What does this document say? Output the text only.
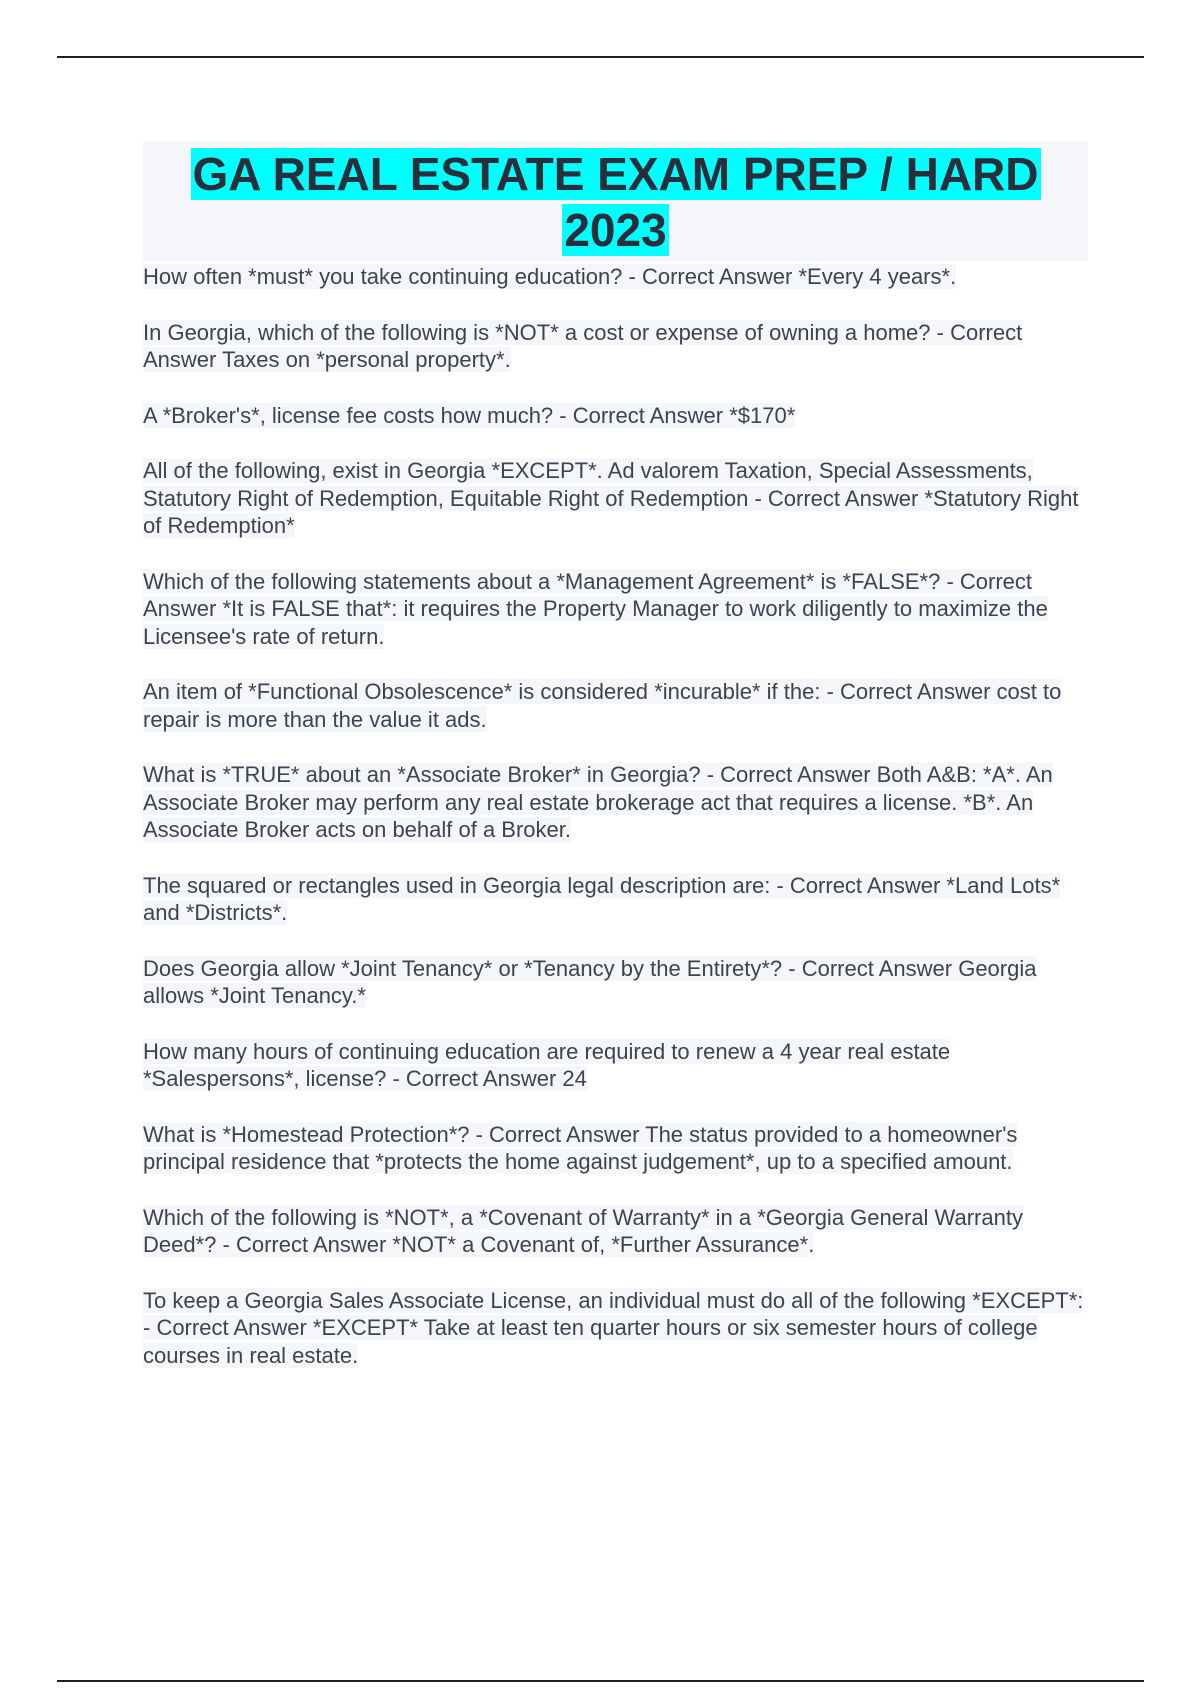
GA REAL ESTATE EXAM PREP / HARD 2023
How often *must* you take continuing education? - Correct Answer *Every 4 years*.
In Georgia, which of the following is *NOT* a cost or expense of owning a home? - Correct Answer Taxes on *personal property*.
A *Broker's*, license fee costs how much? - Correct Answer *$170*
All of the following, exist in Georgia *EXCEPT*. Ad valorem Taxation, Special Assessments, Statutory Right of Redemption, Equitable Right of Redemption - Correct Answer *Statutory Right of Redemption*
Which of the following statements about a *Management Agreement* is *FALSE*? - Correct Answer *It is FALSE that*: it requires the Property Manager to work diligently to maximize the Licensee's rate of return.
An item of *Functional Obsolescence* is considered *incurable* if the: - Correct Answer cost to repair is more than the value it ads.
What is *TRUE* about an *Associate Broker* in Georgia? - Correct Answer Both A&B: *A*. An Associate Broker may perform any real estate brokerage act that requires a license. *B*. An Associate Broker acts on behalf of a Broker.
The squared or rectangles used in Georgia legal description are: - Correct Answer *Land Lots* and *Districts*.
Does Georgia allow *Joint Tenancy* or *Tenancy by the Entirety*? - Correct Answer Georgia allows *Joint Tenancy.*
How many hours of continuing education are required to renew a 4 year real estate *Salespersons*, license? - Correct Answer 24
What is *Homestead Protection*? - Correct Answer The status provided to a homeowner's principal residence that *protects the home against judgement*, up to a specified amount.
Which of the following is *NOT*, a *Covenant of Warranty* in a *Georgia General Warranty Deed*? - Correct Answer *NOT* a Covenant of, *Further Assurance*.
To keep a Georgia Sales Associate License, an individual must do all of the following *EXCEPT*: - Correct Answer *EXCEPT* Take at least ten quarter hours or six semester hours of college courses in real estate.
